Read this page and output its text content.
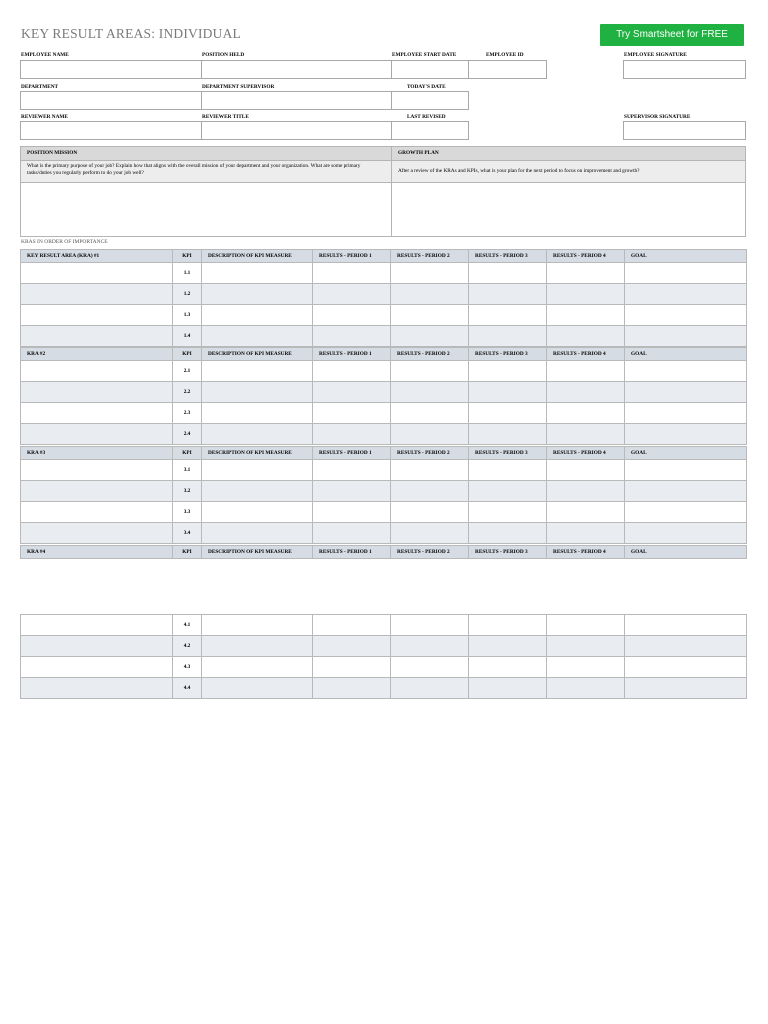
KEY RESULT AREAS: INDIVIDUAL	Try Smartsheet for FREE
EMPLOYEE NAME	POSITION HELD	EMPLOYEE START DATE	EMPLOYEE ID	EMPLOYEE SIGNATURE
DEPARTMENT	DEPARTMENT SUPERVISOR	TODAY'S DATE
REVIEWER NAME	REVIEWER TITLE	LAST REVISED	SUPERVISOR SIGNATURE
POSITION MISSION	GROWTH PLAN
What is the primary purpose of your job? Explain how that aligns with the overall mission of your department and your organization. What are some primary tasks/duties you regularly perform to do your job well?	After a review of the KRAs and KPIs, what is your plan for the next period to focus on improvement and growth?
KRAS IN ORDER OF IMPORTANCE
KEY RESULT AREA (KRA) #1	KPI	DESCRIPTION OF KPI MEASURE	RESULTS - PERIOD 1	RESULTS - PERIOD 2	RESULTS - PERIOD 3	RESULTS - PERIOD 4	GOAL
	1.1						
	1.2						
	1.3						
	1.4						
KRA #2	KPI	DESCRIPTION OF KPI MEASURE	RESULTS - PERIOD 1	RESULTS - PERIOD 2	RESULTS - PERIOD 3	RESULTS - PERIOD 4	GOAL
	2.1						
	2.2						
	2.3						
	2.4						
KRA #3	KPI	DESCRIPTION OF KPI MEASURE	RESULTS - PERIOD 1	RESULTS - PERIOD 2	RESULTS - PERIOD 3	RESULTS - PERIOD 4	GOAL
	3.1						
	3.2						
	3.3						
	3.4						
KRA #4	KPI	DESCRIPTION OF KPI MEASURE	RESULTS - PERIOD 1	RESULTS - PERIOD 2	RESULTS - PERIOD 3	RESULTS - PERIOD 4	GOAL
	4.1						
	4.2						
	4.3						
	4.4						
